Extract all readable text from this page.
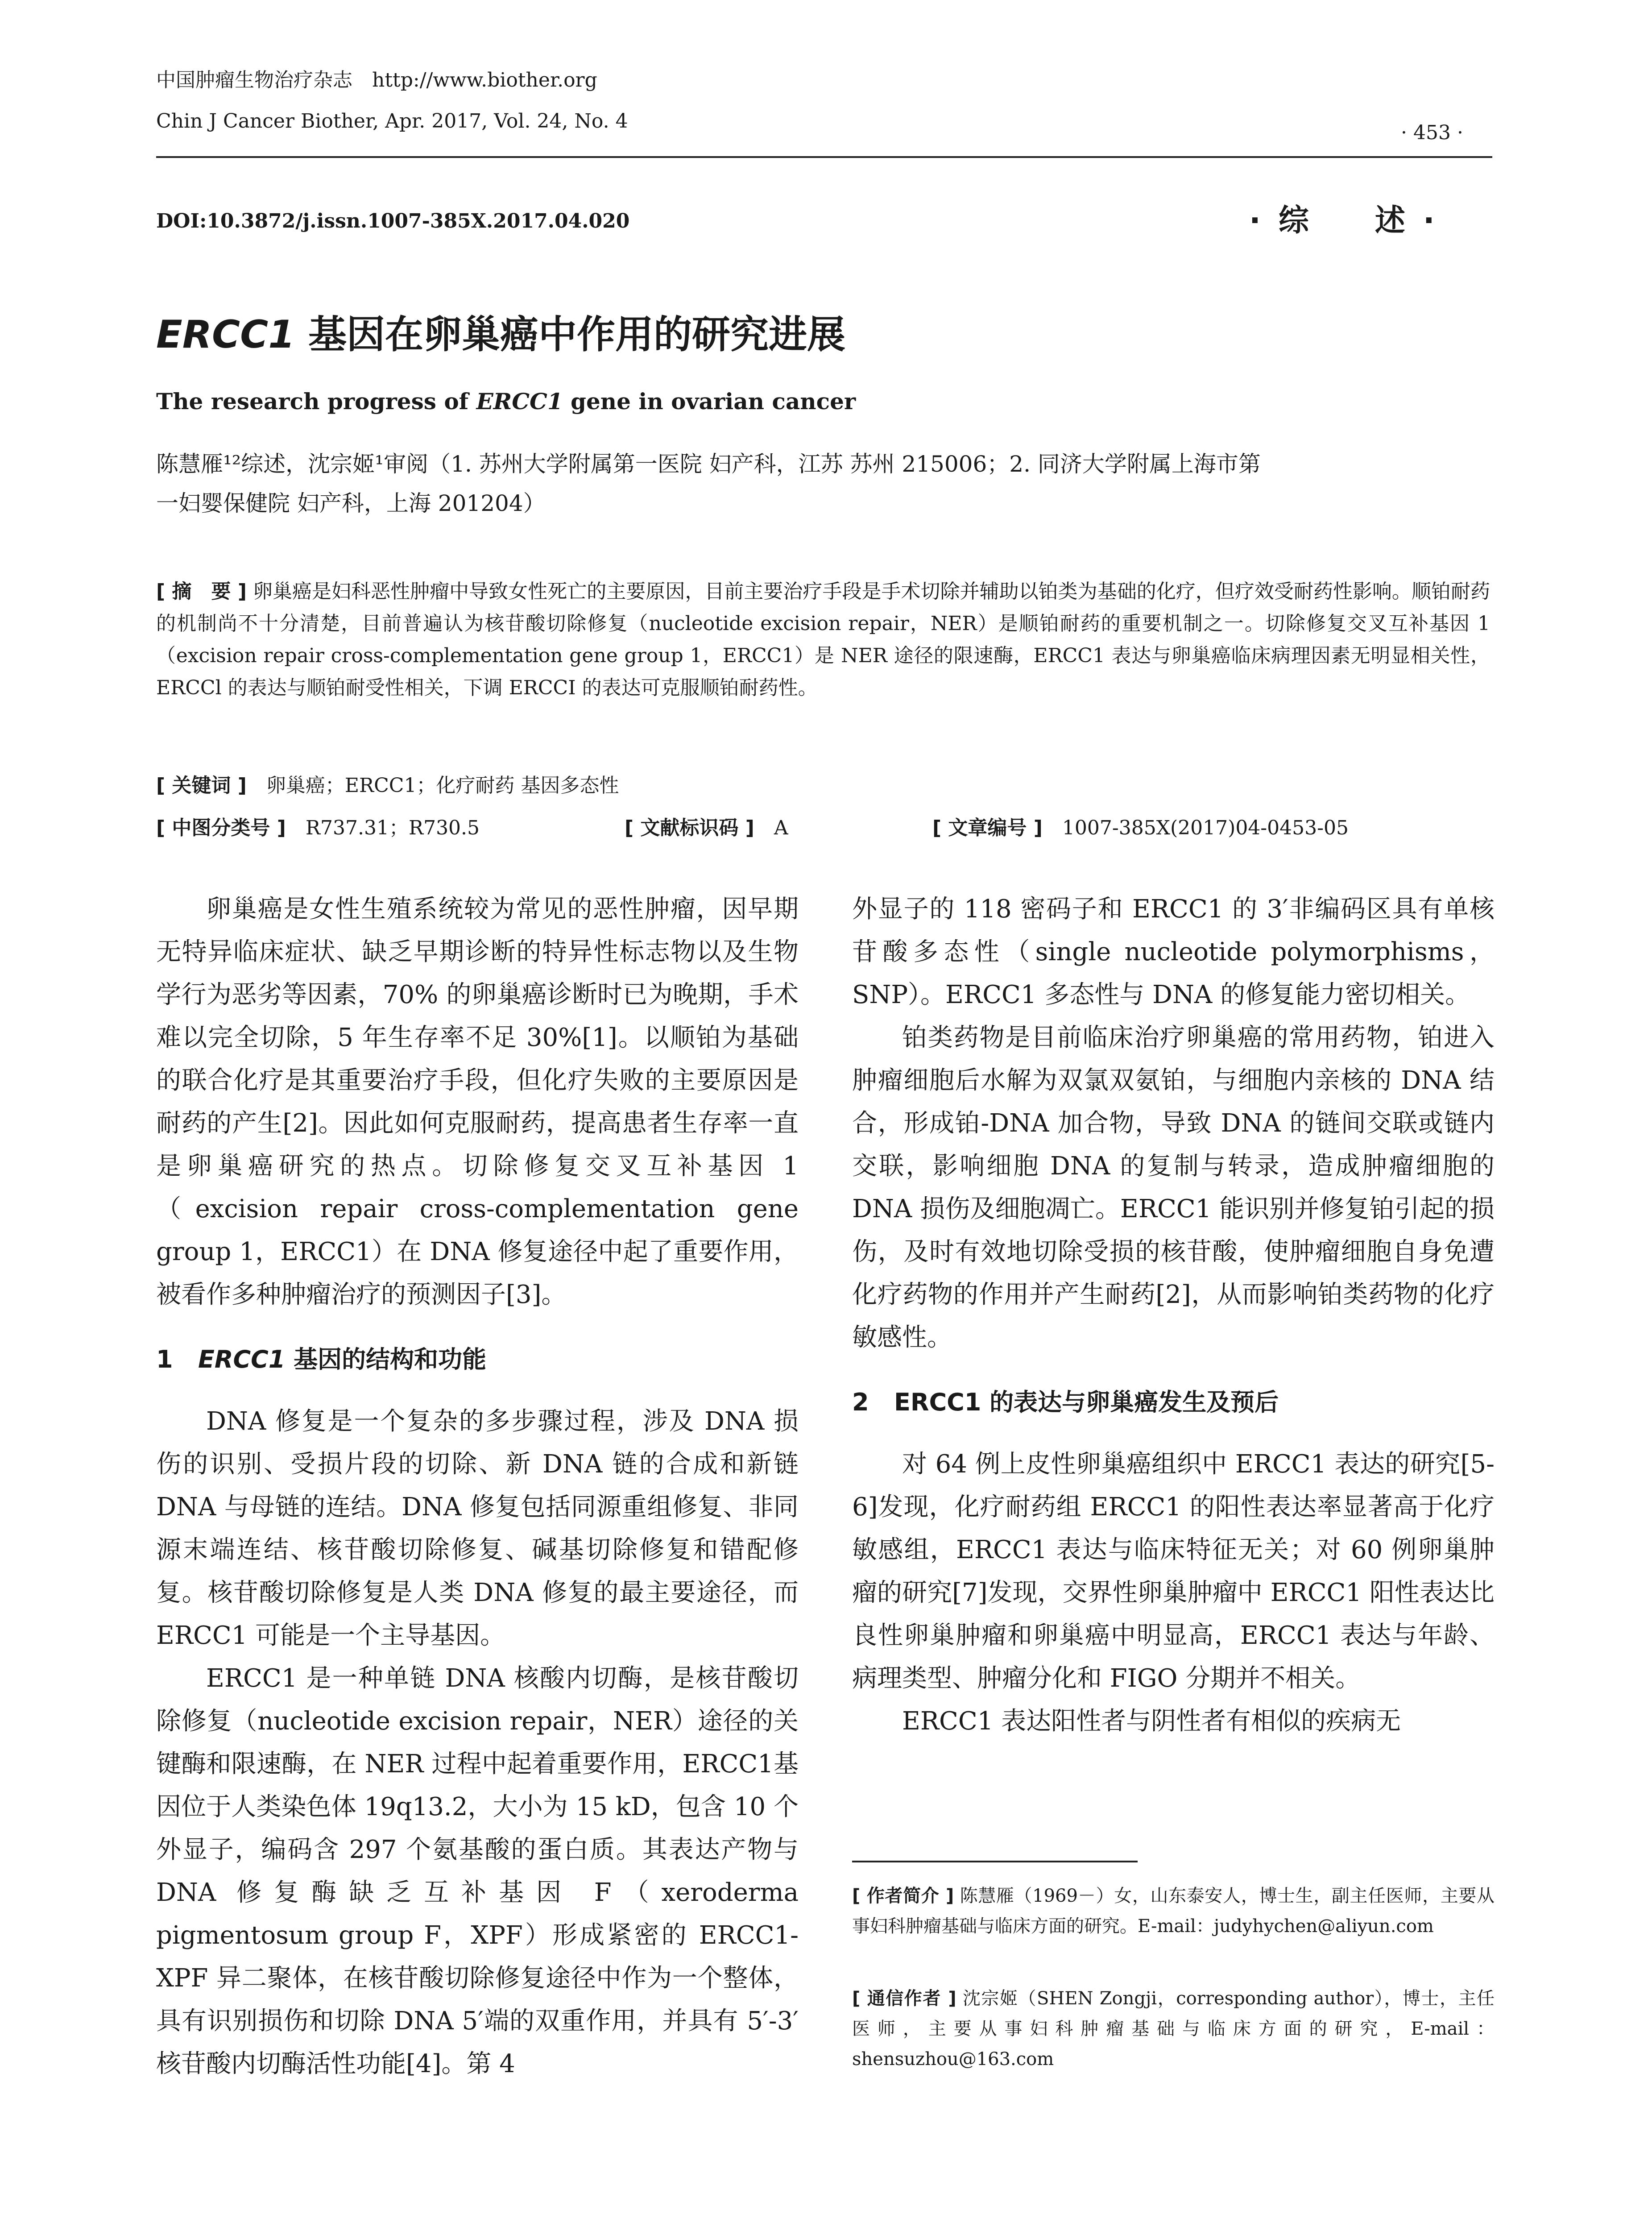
中国肿瘤生物治疗杂志　http://www.biother.org
Chin J Cancer Biother, Apr. 2017, Vol. 24, No. 4
· 453 ·
DOI:10.3872/j.issn.1007-385X.2017.04.020	·综　述·
ERCC1 基因在卵巢癌中作用的研究进展
The research progress of ERCC1 gene in ovarian cancer
陈慧雁¹²综述，沈宗姬¹审阅（1. 苏州大学附属第一医院 妇产科，江苏 苏州 215006；2. 同济大学附属上海市第
一妇婴保健院 妇产科，上海 201204）
[ 摘　要 ] 卵巢癌是妇科恶性肿瘤中导致女性死亡的主要原因，目前主要治疗手段是手术切除并辅助以铂类为基础的化疗，但疗效受耐药性影响。顺铂耐药的机制尚不十分清楚，目前普遍认为核苷酸切除修复（nucleotide excision repair，NER）是顺铂耐药的重要机制之一。切除修复交叉互补基因 1（excision repair cross-complementation gene group 1，ERCC1）是 NER 途径的限速酶，ERCC1 表达与卵巢癌临床病理因素无明显相关性，ERCCl 的表达与顺铂耐受性相关，下调 ERCCI 的表达可克服顺铂耐药性。
[ 关键词 ] 卵巢癌；ERCC1；化疗耐药 基因多态性
[ 中图分类号 ] R737.31；R730.5	[ 文献标识码 ] A	[ 文章编号 ] 1007-385X(2017)04-0453-05

卵巢癌是女性生殖系统较为常见的恶性肿瘤，因早期无特异临床症状、缺乏早期诊断的特异性标志物以及生物学行为恶劣等因素，70% 的卵巢癌诊断时已为晚期，手术难以完全切除，5 年生存率不足 30%[1]。以顺铂为基础的联合化疗是其重要治疗手段，但化疗失败的主要原因是耐药的产生[2]。因此如何克服耐药，提高患者生存率一直是卵巢癌研究的热点。切除修复交叉互补基因 1（excision repair cross-complementation gene group 1，ERCC1）在 DNA 修复途径中起了重要作用，被看作多种肿瘤治疗的预测因子[3]。

1 ERCC1 基因的结构和功能

DNA 修复是一个复杂的多步骤过程，涉及 DNA 损伤的识别、受损片段的切除、新 DNA 链的合成和新链 DNA 与母链的连结。DNA 修复包括同源重组修复、非同源末端连结、核苷酸切除修复、碱基切除修复和错配修复。核苷酸切除修复是人类 DNA 修复的最主要途径，而 ERCC1 可能是一个主导基因。

ERCC1 是一种单链 DNA 核酸内切酶，是核苷酸切除修复（nucleotide excision repair，NER）途径的关键酶和限速酶，在 NER 过程中起着重要作用，ERCC1基因位于人类染色体 19q13.2，大小为 15 kD，包含 10 个外显子，编码含 297 个氨基酸的蛋白质。其表达产物与 DNA 修复酶缺乏互补基因 F（xeroderma pigmentosum group F，XPF）形成紧密的 ERCC1-XPF 异二聚体，在核苷酸切除修复途径中作为一个整体，具有识别损伤和切除 DNA 5′端的双重作用，并具有 5′-3′核苷酸内切酶活性功能[4]。第 4

外显子的 118 密码子和 ERCC1 的 3′非编码区具有单核苷酸多态性（single nucleotide polymorphisms，SNP）。ERCC1 多态性与 DNA 的修复能力密切相关。

铂类药物是目前临床治疗卵巢癌的常用药物，铂进入肿瘤细胞后水解为双氯双氨铂，与细胞内亲核的 DNA 结合，形成铂-DNA 加合物，导致 DNA 的链间交联或链内交联，影响细胞 DNA 的复制与转录，造成肿瘤细胞的 DNA 损伤及细胞凋亡。ERCC1 能识别并修复铂引起的损伤，及时有效地切除受损的核苷酸，使肿瘤细胞自身免遭化疗药物的作用并产生耐药[2]，从而影响铂类药物的化疗敏感性。

2 ERCC1 的表达与卵巢癌发生及预后

对 64 例上皮性卵巢癌组织中 ERCC1 表达的研究[5-6]发现，化疗耐药组 ERCC1 的阳性表达率显著高于化疗敏感组，ERCC1 表达与临床特征无关；对 60 例卵巢肿瘤的研究[7]发现，交界性卵巢肿瘤中 ERCC1 阳性表达比良性卵巢肿瘤和卵巢癌中明显高，ERCC1 表达与年龄、病理类型、肿瘤分化和 FIGO 分期并不相关。

ERCC1 表达阳性者与阴性者有相似的疾病无

[ 作者简介 ] 陈慧雁（1969－）女，山东泰安人，博士生，副主任医师，主要从事妇科肿瘤基础与临床方面的研究。E-mail：judyhychen@aliyun.com
[ 通信作者 ] 沈宗姬（SHEN Zongji，corresponding author），博士，主任医师，主要从事妇科肿瘤基础与临床方面的研究，E-mail：shensuzhou@163.com
